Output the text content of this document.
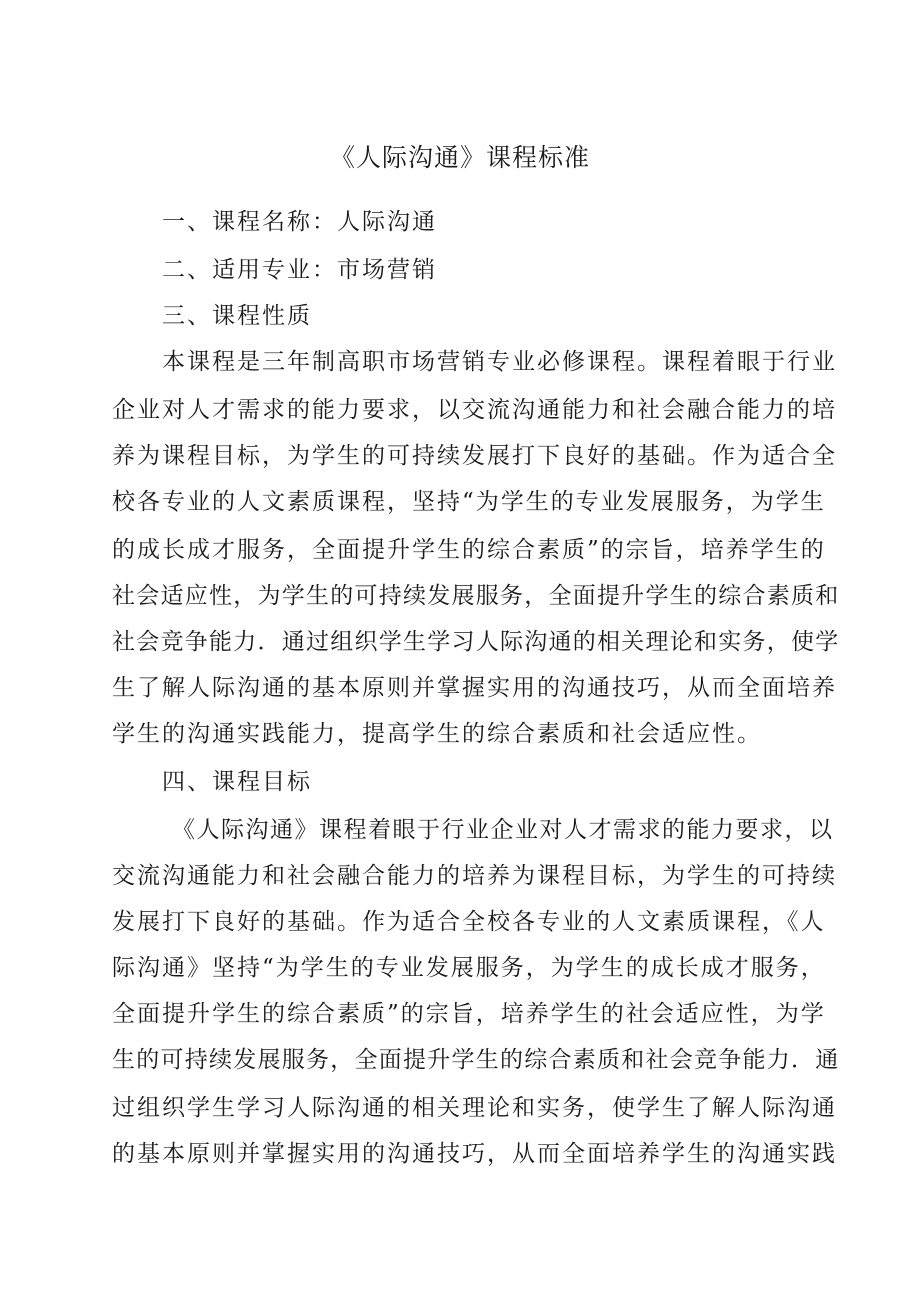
《人际沟通》课程标准

一、课程名称：人际沟通

二、适用专业：市场营销

三、课程性质

本课程是三年制高职市场营销专业必修课程。课程着眼于行业

企业对人才需求的能力要求，以交流沟通能力和社会融合能力的培

养为课程目标，为学生的可持续发展打下良好的基础。作为适合全

校各专业的人文素质课程，坚持“为学生的专业发展服务，为学生

的成长成才服务，全面提升学生的综合素质”的宗旨，培养学生的

社会适应性，为学生的可持续发展服务，全面提升学生的综合素质和

社会竞争能力．通过组织学生学习人际沟通的相关理论和实务，使学

生了解人际沟通的基本原则并掌握实用的沟通技巧，从而全面培养

学生的沟通实践能力，提高学生的综合素质和社会适应性。

四、课程目标

《人际沟通》课程着眼于行业企业对人才需求的能力要求，以

交流沟通能力和社会融合能力的培养为课程目标，为学生的可持续

发展打下良好的基础。作为适合全校各专业的人文素质课程，《人

际沟通》坚持“为学生的专业发展服务，为学生的成长成才服务，

全面提升学生的综合素质”的宗旨，培养学生的社会适应性，为学

生的可持续发展服务，全面提升学生的综合素质和社会竞争能力．通

过组织学生学习人际沟通的相关理论和实务，使学生了解人际沟通

的基本原则并掌握实用的沟通技巧，从而全面培养学生的沟通实践
